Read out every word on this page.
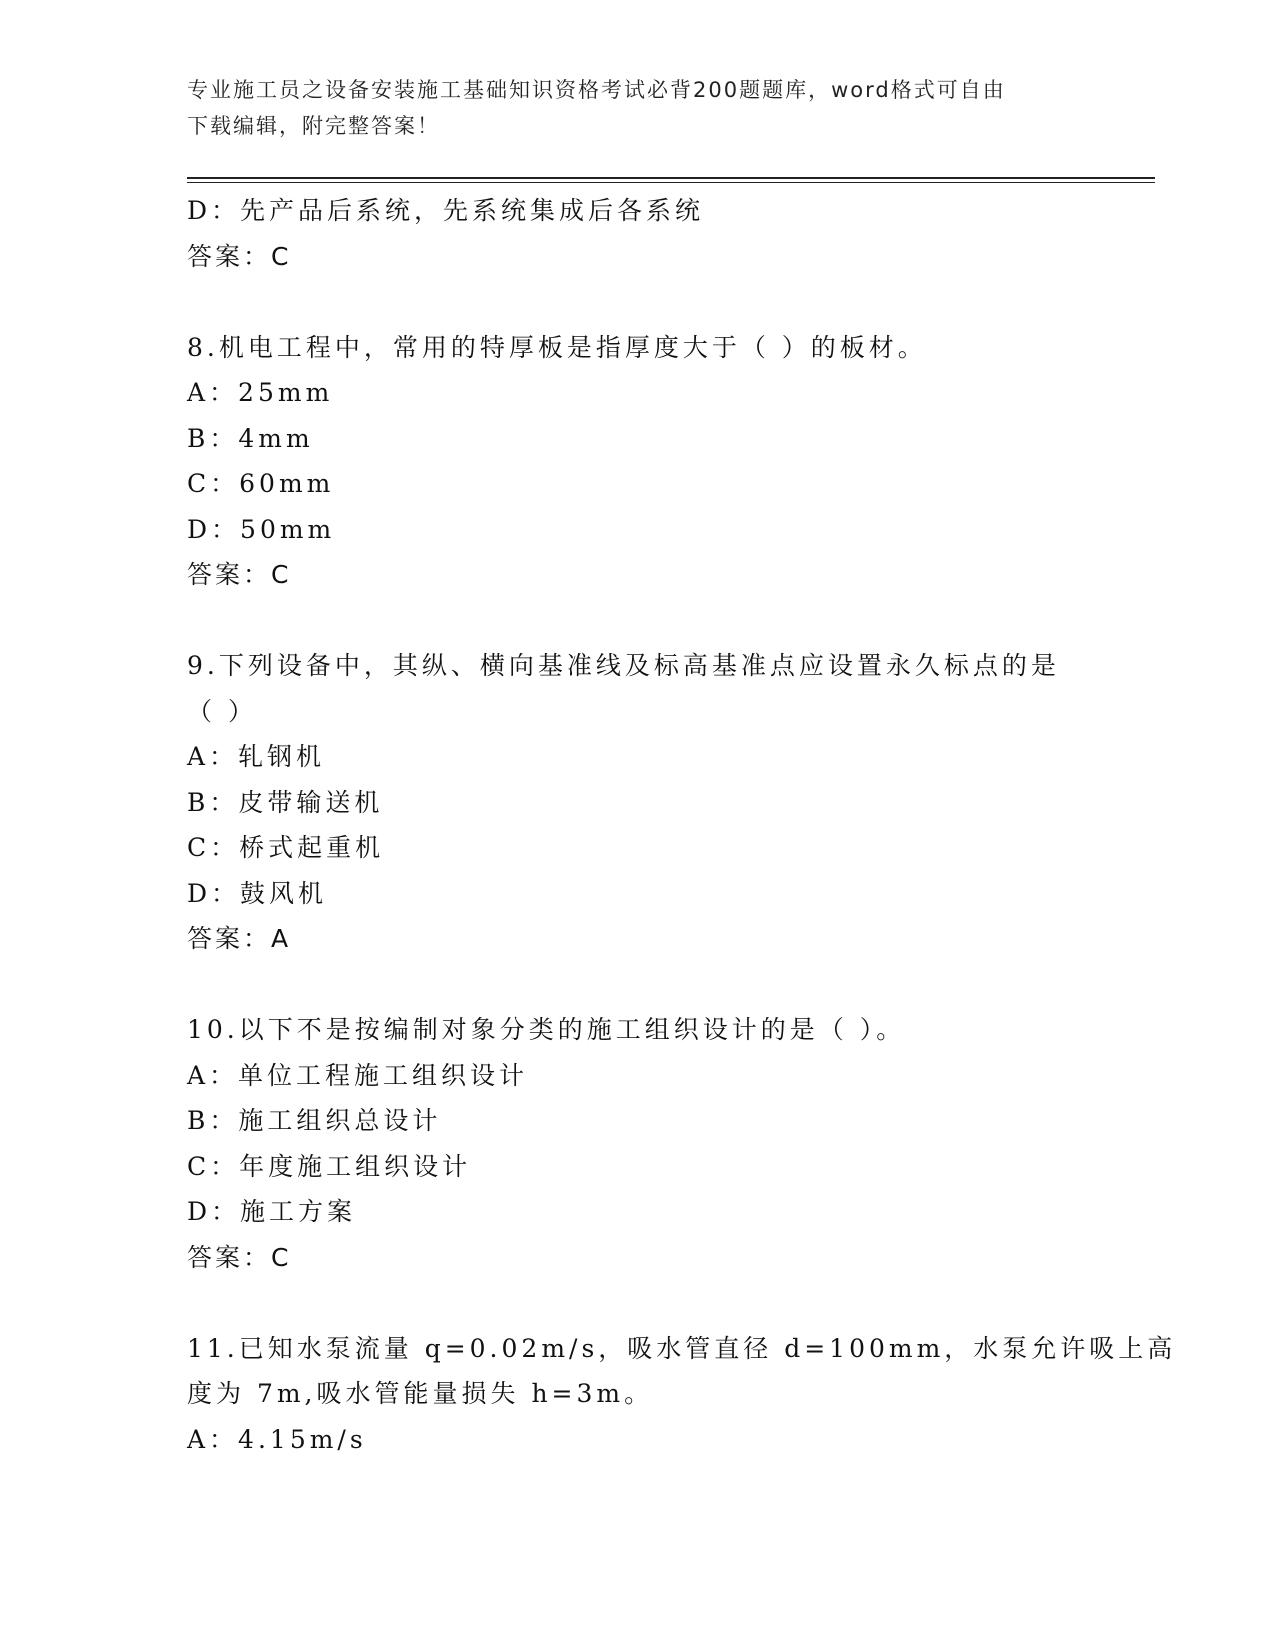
专业施工员之设备安装施工基础知识资格考试必背200题题库，word格式可自由
下载编辑，附完整答案！
D：先产品后系统，先系统集成后各系统
答案：C
8.机电工程中，常用的特厚板是指厚度大于（ ）的板材。
A：25mm
B：4mm
C：60mm
D：50mm
答案：C
9.下列设备中，其纵、横向基准线及标高基准点应设置永久标点的是
（ ）
A：轧钢机
B：皮带输送机
C：桥式起重机
D：鼓风机
答案：A
10.以下不是按编制对象分类的施工组织设计的是（ ）。
A：单位工程施工组织设计
B：施工组织总设计
C：年度施工组织设计
D：施工方案
答案：C
11.已知水泵流量 q=0.02m/s，吸水管直径 d=100mm，水泵允许吸上高
度为 7m,吸水管能量损失 h=3m。
A：4.15m/s
